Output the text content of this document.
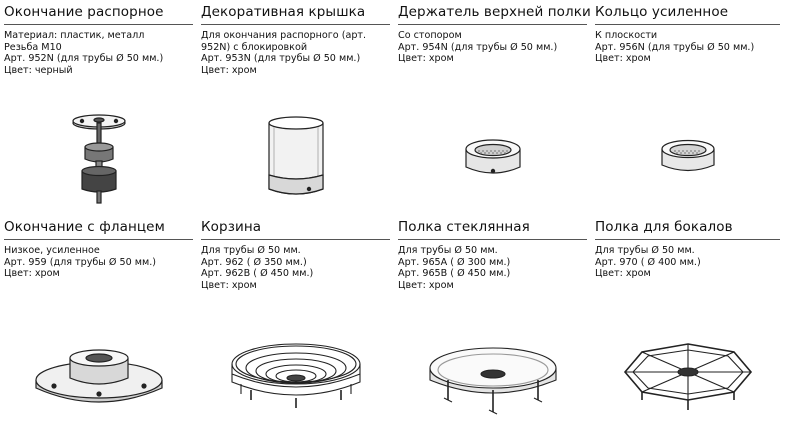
Окончание распорное
Материал: пластик, металл
Резьба М10
Арт. 952N (для трубы Ø 50 мм.)
Цвет: черный
Декоративная крышка
Для окончания распорного (арт.
952N) с блокировкой
Арт. 953N (для трубы Ø 50 мм.)
Цвет: хром
Держатель верхней полки
Со стопором
Арт. 954N (для трубы Ø 50 мм.)
Цвет: хром
Кольцо усиленное
К плоскости
Арт. 956N (для трубы Ø 50 мм.)
Цвет: хром
Окончание с фланцем
Низкое, усиленное
Арт. 959 (для трубы Ø 50 мм.)
Цвет: хром
Корзина
Для трубы Ø 50 мм.
Арт. 962 ( Ø 350 мм.)
Арт. 962B ( Ø 450 мм.)
Цвет: хром
Полка стеклянная
Для трубы Ø 50 мм.
Арт. 965A ( Ø 300 мм.)
Арт. 965B ( Ø 450 мм.)
Цвет: хром
Полка для бокалов
Для трубы Ø 50 мм.
Арт. 970 ( Ø 400 мм.)
Цвет: хром
